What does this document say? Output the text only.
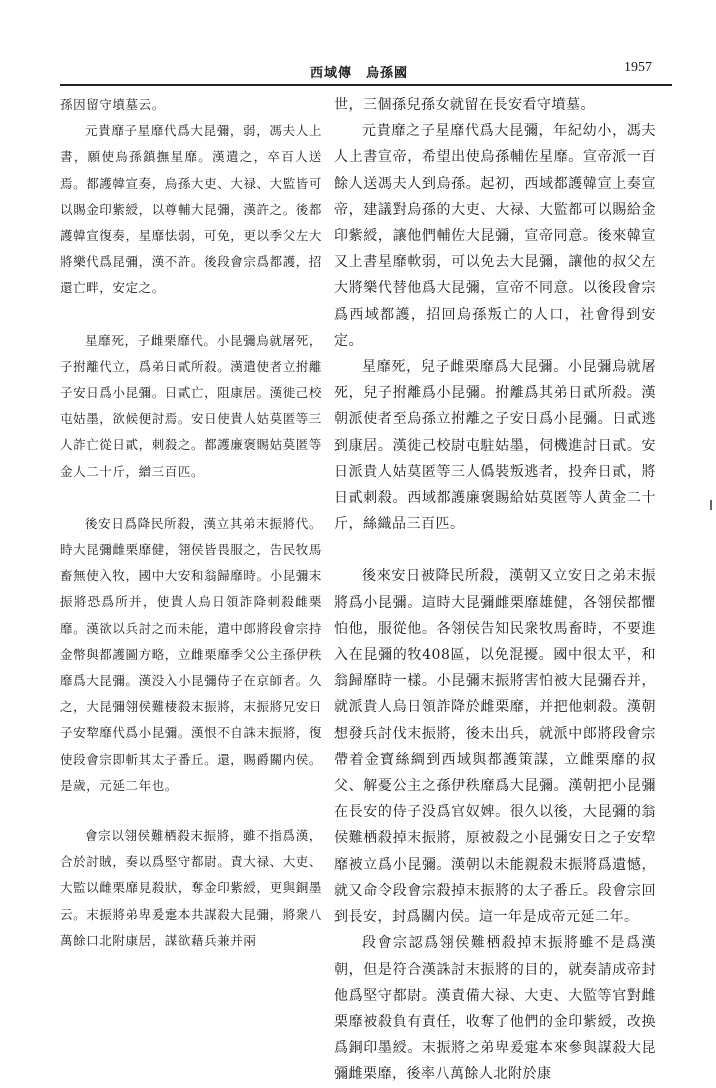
西域傳　烏孫國	1957

孫因留守墳墓云。

元貴靡子星靡代爲大昆彌，弱，馮夫人上書，願使烏孫鎮撫星靡。漢遣之，卒百人送焉。都護韓宣奏，烏孫大吏、大禄、大監皆可以賜金印紫綬，以尊輔大昆彌，漢許之。後都護韓宣復奏，星靡怯弱，可免，更以季父左大將樂代爲昆彌，漢不許。後段會宗爲都護，招還亡畔，安定之。

星靡死，子雌栗靡代。小昆彌烏就屠死，子拊離代立，爲弟日貳所殺。漢遣使者立拊離子安日爲小昆彌。日貳亡，阻康居。漢徙己校屯姑墨，欲候便討焉。安日使貴人姑莫匿等三人詐亡從日貳，刺殺之。都護廉褒賜姑莫匿等金人二十斤，繒三百匹。

後安日爲降民所殺，漢立其弟末振將代。時大昆彌雌栗靡健，翎侯皆畏服之，告民牧馬畜無使入牧，國中大安和翁歸靡時。小昆彌末振將恐爲所并，使貴人烏日領詐降刺殺雌栗靡。漢欲以兵討之而未能，遣中郎將段會宗持金幣與都護圖方略，立雌栗靡季父公主孫伊秩靡爲大昆彌。漢没入小昆彌侍子在京師者。久之，大昆彌翎侯難棲殺末振將，末振將兄安日子安犂靡代爲小昆彌。漢恨不自誅末振將，復使段會宗即斬其太子番丘。還，賜爵關内侯。是歲，元延二年也。

會宗以翎侯難栖殺末振將，雖不指爲漢，合於討賊，奏以爲堅守都尉。責大禄、大吏、大監以雌栗靡見殺狀，奪金印紫綬，更與銅墨云。末振將弟卑爰疐本共謀殺大昆彌，將衆八萬餘口北附康居，謀欲藉兵兼并兩

世，三個孫兒孫女就留在長安看守墳墓。

元貴靡之子星靡代爲大昆彌，年紀幼小，馮夫人上書宣帝，希望出使烏孫輔佐星靡。宣帝派一百餘人送馮夫人到烏孫。起初，西域都護韓宣上奏宣帝，建議對烏孫的大吏、大禄、大監都可以賜給金印紫綬，讓他們輔佐大昆彌，宣帝同意。後來韓宣又上書星靡軟弱，可以免去大昆彌，讓他的叔父左大將樂代替他爲大昆彌，宣帝不同意。以後段會宗爲西域都護，招回烏孫叛亡的人口，社會得到安定。

星靡死，兒子雌栗靡爲大昆彌。小昆彌烏就屠死，兒子拊離爲小昆彌。拊離爲其弟日貳所殺。漢朝派使者至烏孫立拊離之子安日爲小昆彌。日貳逃到康居。漢徙己校尉屯駐姑墨，伺機進討日貳。安日派貴人姑莫匿等三人僞裝叛逃者，投奔日貳，將日貳刺殺。西域都護廉褒賜給姑莫匿等人黄金二十斤，絲織品三百匹。

後來安日被降民所殺，漢朝又立安日之弟末振將爲小昆彌。這時大昆彌雌栗靡雄健，各翎侯都懼怕他，服從他。各翎侯告知民衆牧馬畜時，不要進入在昆彌的牧408區，以免混擾。國中很太平，和翁歸靡時一樣。小昆彌末振將害怕被大昆彌吞并，就派貴人烏日領詐降於雌栗靡，并把他刺殺。漢朝想發兵討伐末振將，後未出兵，就派中郎將段會宗帶着金寶絲綢到西域與都護策謀，立雌栗靡的叔父、解憂公主之孫伊秩靡爲大昆彌。漢朝把小昆彌在長安的侍子没爲官奴婢。很久以後，大昆彌的翁侯難栖殺掉末振將，原被殺之小昆彌安日之子安犂靡被立爲小昆彌。漢朝以未能親殺末振將爲遺憾，就又命令段會宗殺掉末振將的太子番丘。段會宗回到長安，封爲關内侯。這一年是成帝元延二年。

段會宗認爲翎侯難栖殺掉末振將雖不是爲漢朝，但是符合漢誅討末振將的目的，就奏請成帝封他爲堅守都尉。漢責備大禄、大吏、大監等官對雌栗靡被殺負有責任，收奪了他們的金印紫綬，改换爲銅印墨綬。末振將之弟卑爰疐本來參與謀殺大昆彌雌栗靡，後率八萬餘人北附於康
